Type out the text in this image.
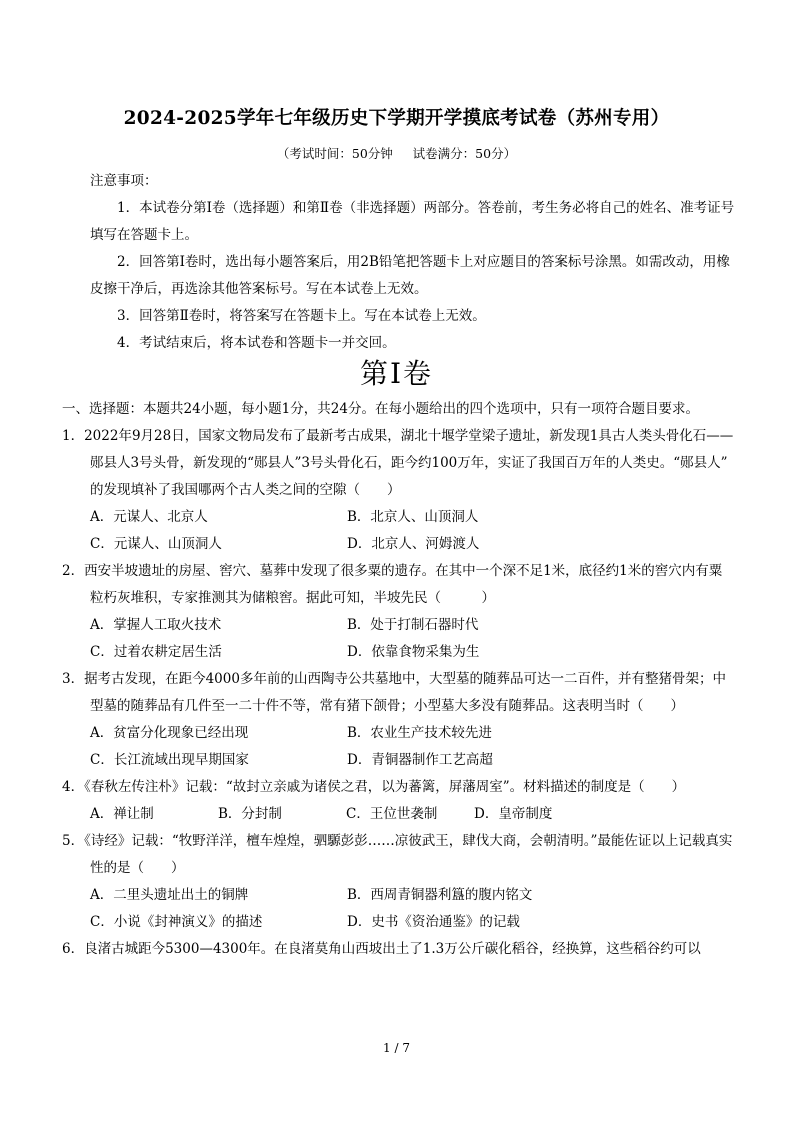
2024-2025学年七年级历史下学期开学摸底考试卷（苏州专用）
（考试时间：50分钟     试卷满分：50分）

注意事项：

1．本试卷分第Ⅰ卷（选择题）和第Ⅱ卷（非选择题）两部分。答卷前，考生务必将自己的姓名、准考证号填写在答题卡上。

2．回答第Ⅰ卷时，选出每小题答案后，用2B铅笔把答题卡上对应题目的答案标号涂黑。如需改动，用橡皮擦干净后，再选涂其他答案标号。写在本试卷上无效。

3．回答第Ⅱ卷时，将答案写在答题卡上。写在本试卷上无效。

4．考试结束后，将本试卷和答题卡一并交回。

第Ⅰ卷

一、选择题：本题共24小题，每小题1分，共24分。在每小题给出的四个选项中，只有一项符合题目要求。

1．2022年9月28日，国家文物局发布了最新考古成果，湖北十堰学堂梁子遗址，新发现1具古人类头骨化石——郧县人3号头骨，新发现的“郧县人”3号头骨化石，距今约100万年，实证了我国百万年的人类史。“郧县人” 的发现填补了我国哪两个古人类之间的空隙（　　）

A．元谋人、北京人	B．北京人、山顶洞人
C．元谋人、山顶洞人	D．北京人、河姆渡人

2．西安半坡遗址的房屋、窖穴、墓葬中发现了很多粟的遗存。在其中一个深不足1米，底径约1米的窖穴内有粟粒朽灰堆积，专家推测其为储粮窖。据此可知，半坡先民（　　　）

A．掌握人工取火技术	B．处于打制石器时代
C．过着农耕定居生活	D．依靠食物采集为生

3．据考古发现，在距今4000多年前的山西陶寺公共墓地中，大型墓的随葬品可达一二百件，并有整猪骨架；中型墓的随葬品有几件至一二十件不等，常有猪下颌骨；小型墓大多没有随葬品。这表明当时（　　）

A．贫富分化现象已经出现	B．农业生产技术较先进
C．长江流域出现早期国家	D．青铜器制作工艺高超

4．《春秋左传注朴》记载：“故封立亲戚为诸侯之君，以为蕃篱，屏藩周室”。材料描述的制度是（　　）

A．禅让制	B．分封制	C．王位世袭制	D．皇帝制度

5．《诗经》记载：“牧野洋洋，檀车煌煌，驷騵彭彭……凉彼武王，肆伐大商，会朝清明。”最能佐证以上记载真实性的是（　　）

A．二里头遗址出土的铜牌	B．西周青铜器利簋的腹内铭文
C．小说《封神演义》的描述	D．史书《资治通鉴》的记载

6．良渚古城距今5300—4300年。在良渚莫角山西坡出土了1.3万公斤碳化稻谷，经换算，这些稻谷约可以

1 / 7
